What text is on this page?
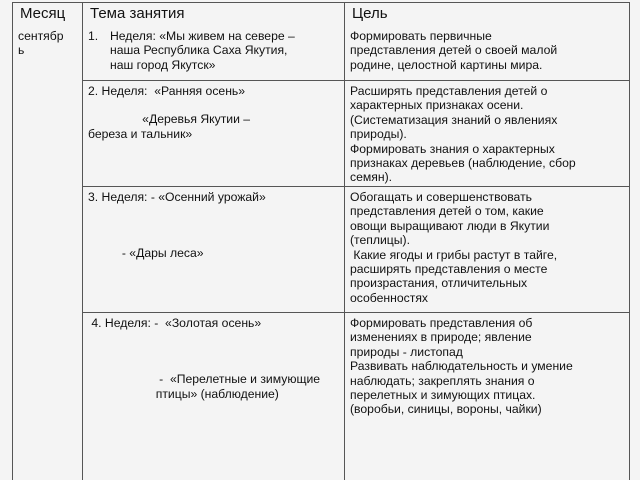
Месяц	Тема занятия	Цель
сентябр
ь
1. Неделя: «Мы живем на севере –
наша Республика Саха Якутия,
наш город Якутск»
Формировать первичные
представления детей о своей малой
родине, целостной картины мира.
2. Неделя:  «Ранняя осень»
«Деревья Якутии –
береза и тальник»
Расширять представления детей о
характерных признаках осени.
(Систематизация знаний о явлениях
природы).
Формировать знания о характерных
признаках деревьев (наблюдение, сбор
семян).
3. Неделя: - «Осенний урожай»
- «Дары леса»
Обогащать и совершенствовать
представления детей о том, какие
овощи выращивают люди в Якутии
(теплицы).
Какие ягоды и грибы растут в тайге,
расширять представления о месте
произрастания, отличительных
особенностях
4. Неделя: -  «Золотая осень»
-  «Перелетные и зимующие
птицы» (наблюдение)
Формировать представления об
изменениях в природе; явление
природы - листопад
Развивать наблюдательность и умение
наблюдать; закреплять знания о
перелетных и зимующих птицах.
(воробьи, синицы, вороны, чайки)
